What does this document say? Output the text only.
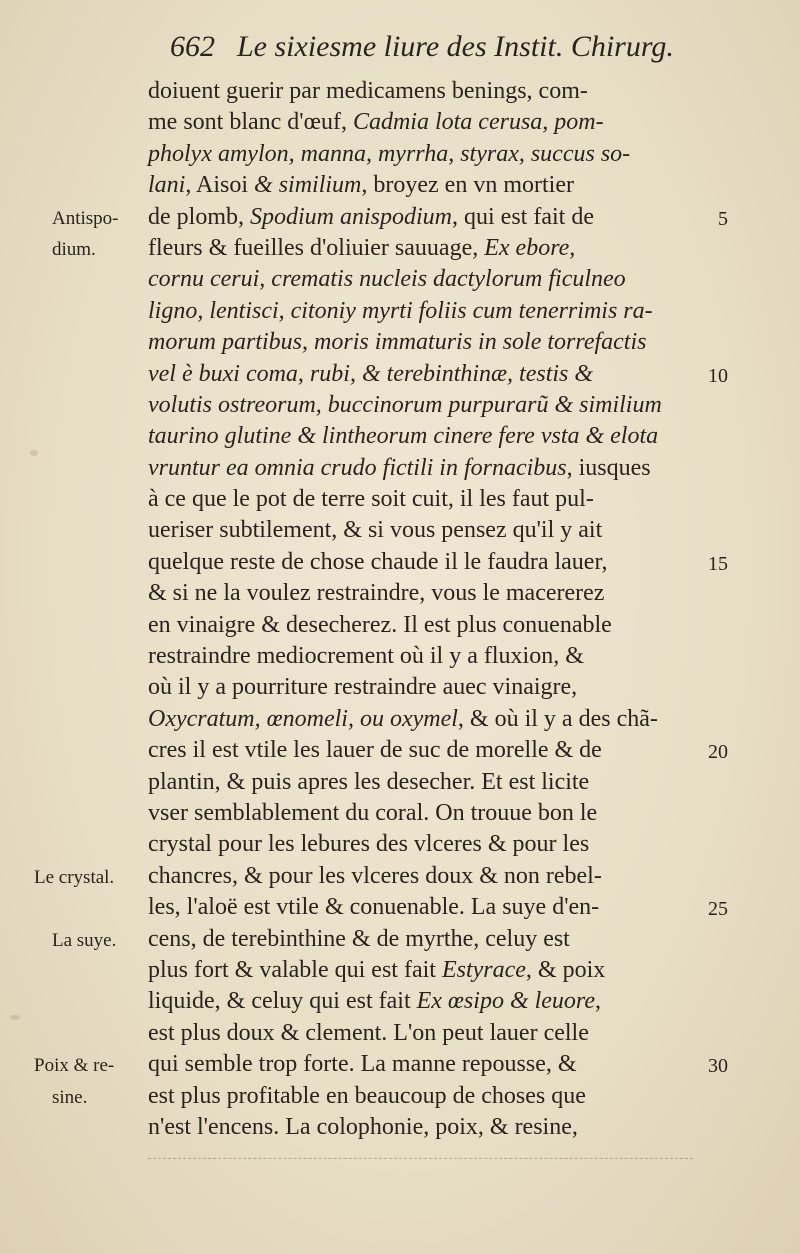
662 Le sixiesme liure des Instit. Chirurg.
doiuent guerir par medicamens benings, com-
me sont blanc d'œuf, Cadmia lota cerusa, pom-
pholyx amylon, manna, myrrha, styrax, succus so-
lani, Aisoi & similium, broyez en vn mortier
de plomb, Spodium anispodium, qui est fait de
fleurs & fueilles d'oliuier sauuage, Ex ebore,
cornu cerui, crematis nucleis dactylorum ficulneo
ligno, lentisci, citoniy myrti foliis cum tenerrimis ra-
morum partibus, moris immaturis in sole torrefactis
vel è buxi coma, rubi, & terebinthinæ, testis &
volutis ostreorum, buccinorum purpurarũ & similium
taurino glutine & lintheorum cinere fere vsta & elota
vruntur ea omnia crudo fictili in fornacibus, iusques
à ce que le pot de terre soit cuit, il les faut pul-
ueriser subtilement, & si vous pensez qu'il y ait
quelque reste de chose chaude il le faudra lauer,
& si ne la voulez restraindre, vous le macererez
en vinaigre & desecherez. Il est plus conuenable
restraindre mediocrement où il y a fluxion, &
où il y a pourriture restraindre auec vinaigre,
Oxycratum, œnomeli, ou oxymel, & où il y a des chã-
cres il est vtile les lauer de suc de morelle & de
plantin, & puis apres les desecher. Et est licite
vser semblablement du coral. On trouue bon le
crystal pour les lebures des vlceres & pour les
chancres, & pour les vlceres doux & non rebel-
les, l'aloë est vtile & conuenable. La suye d'en-
cens, de terebinthine & de myrthe, celuy est
plus fort & valable qui est fait Estyrace, & poix
liquide, & celuy qui est fait Ex œsipo & leuore,
est plus doux & clement. L'on peut lauer celle
qui semble trop forte. La manne repousse, &
est plus profitable en beaucoup de choses que
n'est l'encens. La colophonie, poix, & resine,
Antispo-
dium.
Le crystal.
La suye.
Poix & re-
sine.
5
10
15
20
25
30
